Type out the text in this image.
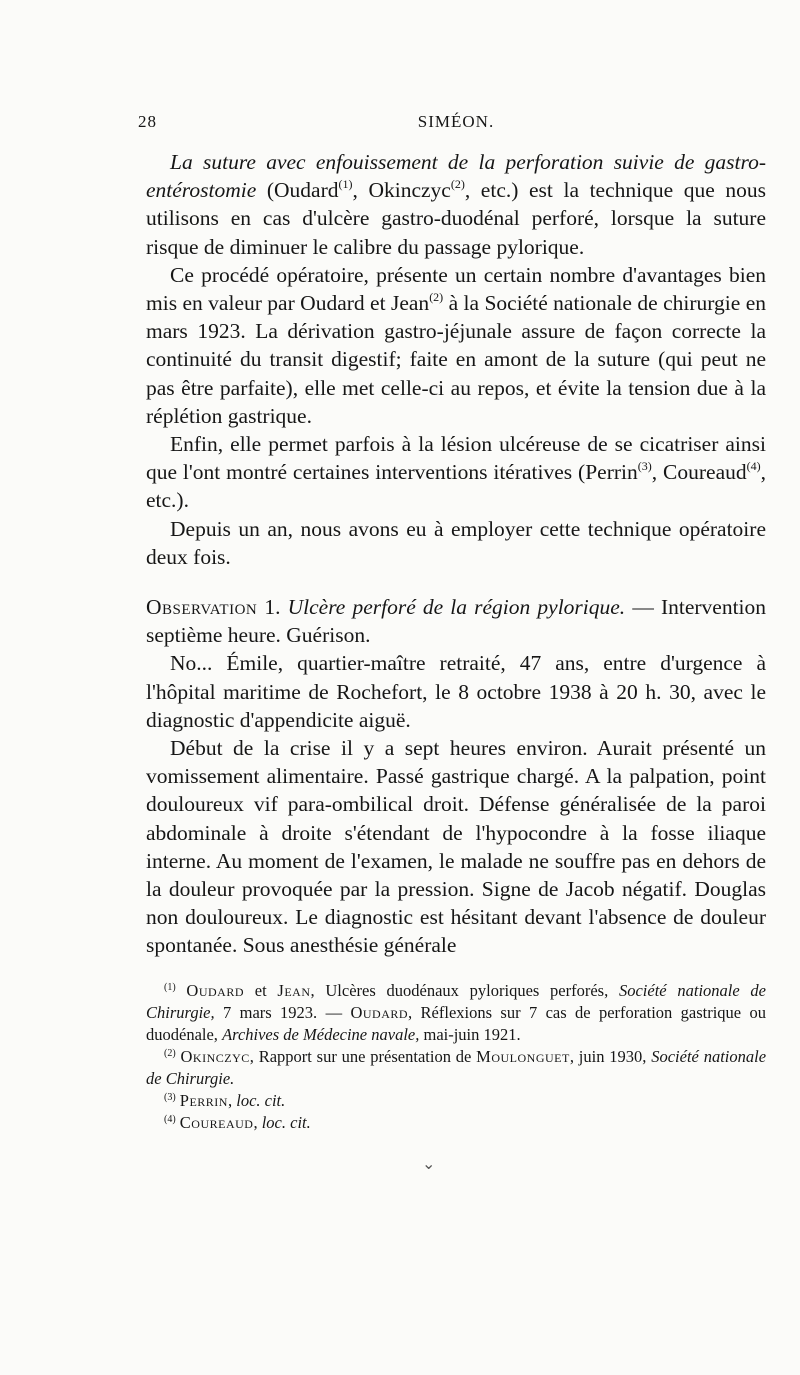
28	SIMÉON.

La suture avec enfouissement de la perforation suivie de gastro-entérostomie (Oudard$^{(1)}$, Okinczyc$^{(2)}$, etc.) est la technique que nous utilisons en cas d'ulcère gastro-duodénal perforé, lorsque la suture risque de diminuer le calibre du passage pylorique.

Ce procédé opératoire, présente un certain nombre d'avantages bien mis en valeur par Oudard et Jean$^{(2)}$ à la Société nationale de chirurgie en mars 1923. La dérivation gastro-jéjunale assure de façon correcte la continuité du transit digestif; faite en amont de la suture (qui peut ne pas être parfaite), elle met celle-ci au repos, et évite la tension due à la réplétion gastrique.

Enfin, elle permet parfois à la lésion ulcéreuse de se cicatriser ainsi que l'ont montré certaines interventions itératives (Perrin$^{(3)}$, Coureaud$^{(4)}$, etc.).

Depuis un an, nous avons eu à employer cette technique opératoire deux fois.

Observation 1. Ulcère perforé de la région pylorique. — Intervention septième heure. Guérison.

No... Émile, quartier-maître retraité, 47 ans, entre d'urgence à l'hôpital maritime de Rochefort, le 8 octobre 1938 à 20 h. 30, avec le diagnostic d'appendicite aiguë.

Début de la crise il y a sept heures environ. Aurait présenté un vomissement alimentaire. Passé gastrique chargé. A la palpation, point douloureux vif para-ombilical droit. Défense généralisée de la paroi abdominale à droite s'étendant de l'hypocondre à la fosse iliaque interne. Au moment de l'examen, le malade ne souffre pas en dehors de la douleur provoquée par la pression. Signe de Jacob négatif. Douglas non douloureux. Le diagnostic est hésitant devant l'absence de douleur spontanée. Sous anesthésie générale

$^{(1)}$ Oudard et Jean, Ulcères duodénaux pyloriques perforés, Société nationale de Chirurgie, 7 mars 1923. — Oudard, Réflexions sur 7 cas de perforation gastrique ou duodénale, Archives de Médecine navale, mai-juin 1921.

$^{(2)}$ Okinczyc, Rapport sur une présentation de Moulonguet, juin 1930, Société nationale de Chirurgie.

$^{(3)}$ Perrin, loc. cit.

$^{(4)}$ Coureaud, loc. cit.

⌄
